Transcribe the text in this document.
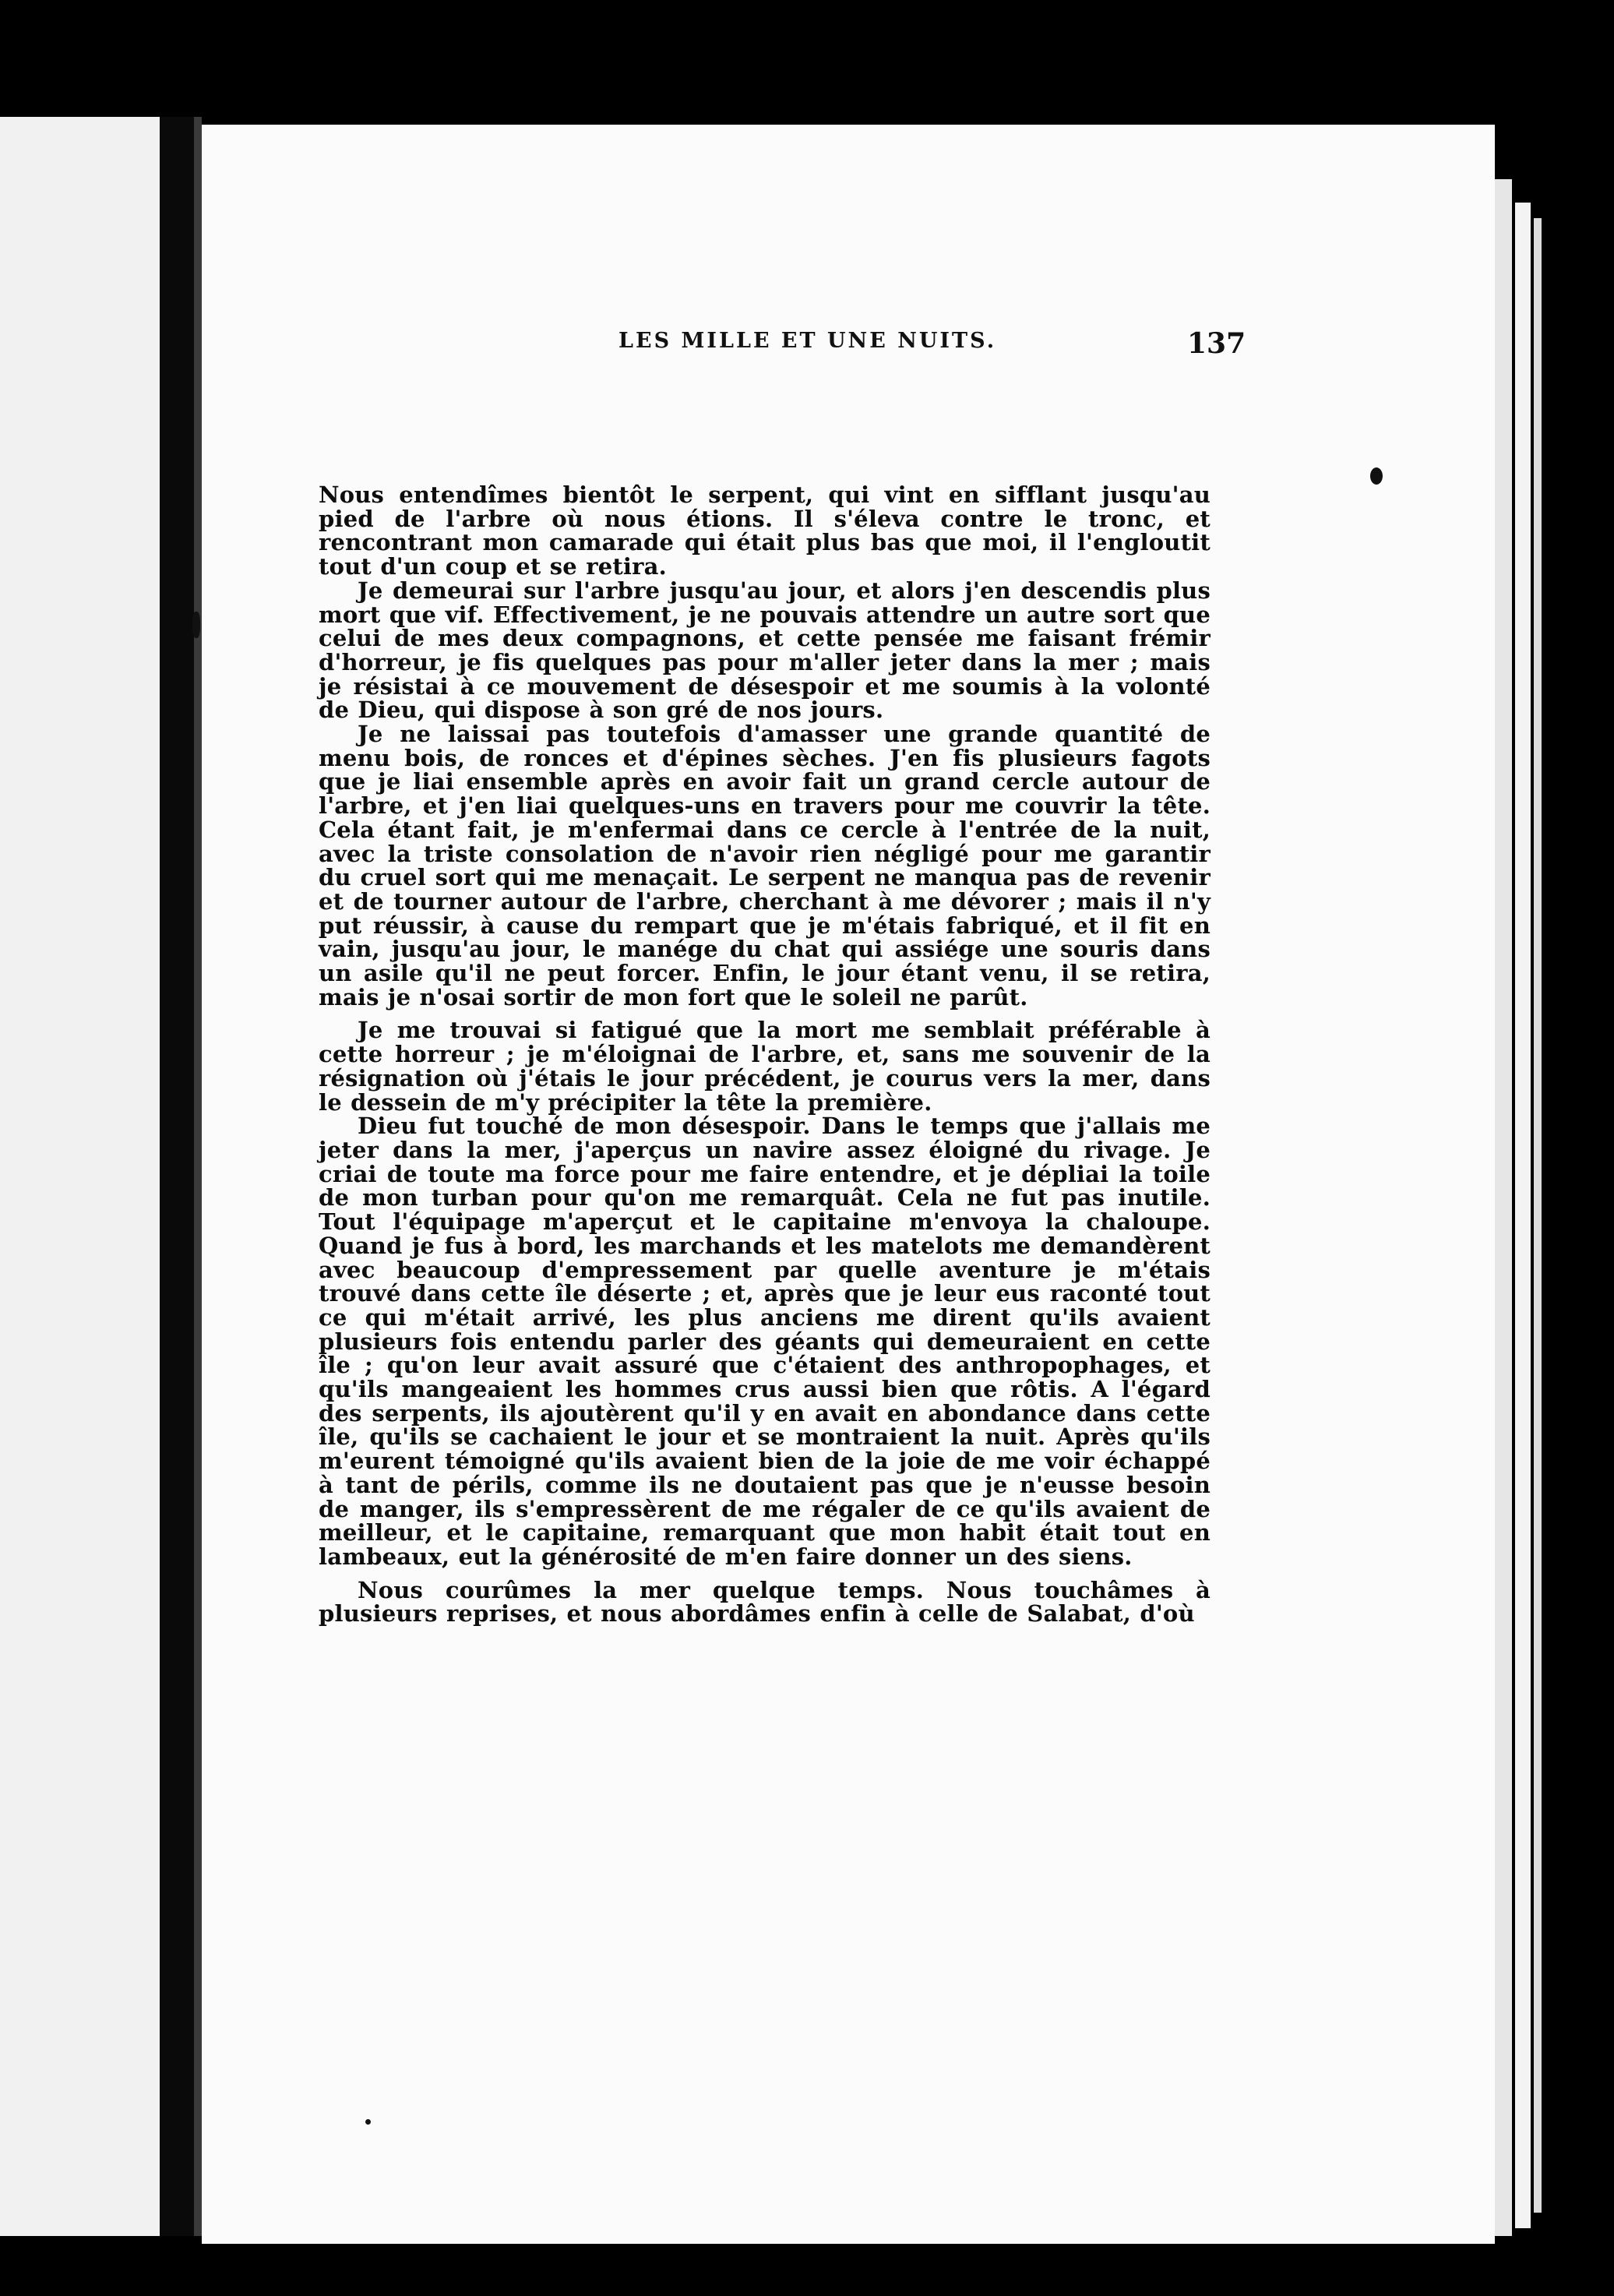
LES MILLE ET UNE NUITS.	137

Nous entendîmes bientôt le serpent, qui vint en sifflant jusqu'au pied de l'arbre où nous étions. Il s'éleva contre le tronc, et rencontrant mon camarade qui était plus bas que moi, il l'engloutit tout d'un coup et se retira.

Je demeurai sur l'arbre jusqu'au jour, et alors j'en descendis plus mort que vif. Effectivement, je ne pouvais attendre un autre sort que celui de mes deux compagnons, et cette pensée me faisant frémir d'horreur, je fis quelques pas pour m'aller jeter dans la mer ; mais je résistai à ce mouvement de désespoir et me soumis à la volonté de Dieu, qui dispose à son gré de nos jours.

Je ne laissai pas toutefois d'amasser une grande quantité de menu bois, de ronces et d'épines sèches. J'en fis plusieurs fagots que je liai ensemble après en avoir fait un grand cercle autour de l'arbre, et j'en liai quelques-uns en travers pour me couvrir la tête. Cela étant fait, je m'enfermai dans ce cercle à l'entrée de la nuit, avec la triste consolation de n'avoir rien négligé pour me garantir du cruel sort qui me menaçait. Le serpent ne manqua pas de revenir et de tourner autour de l'arbre, cherchant à me dévorer ; mais il n'y put réussir, à cause du rempart que je m'étais fabriqué, et il fit en vain, jusqu'au jour, le manége du chat qui assiége une souris dans un asile qu'il ne peut forcer. Enfin, le jour étant venu, il se retira, mais je n'osai sortir de mon fort que le soleil ne parût.

Je me trouvai si fatigué que la mort me semblait préférable à cette horreur ; je m'éloignai de l'arbre, et, sans me souvenir de la résignation où j'étais le jour précédent, je courus vers la mer, dans le dessein de m'y précipiter la tête la première.

Dieu fut touché de mon désespoir. Dans le temps que j'allais me jeter dans la mer, j'aperçus un navire assez éloigné du rivage. Je criai de toute ma force pour me faire entendre, et je dépliai la toile de mon turban pour qu'on me remarquât. Cela ne fut pas inutile. Tout l'équipage m'aperçut et le capitaine m'envoya la chaloupe. Quand je fus à bord, les marchands et les matelots me demandèrent avec beaucoup d'empressement par quelle aventure je m'étais trouvé dans cette île déserte ; et, après que je leur eus raconté tout ce qui m'était arrivé, les plus anciens me dirent qu'ils avaient plusieurs fois entendu parler des géants qui demeuraient en cette île ; qu'on leur avait assuré que c'étaient des anthropophages, et qu'ils mangeaient les hommes crus aussi bien que rôtis. A l'égard des serpents, ils ajoutèrent qu'il y en avait en abondance dans cette île, qu'ils se cachaient le jour et se montraient la nuit. Après qu'ils m'eurent témoigné qu'ils avaient bien de la joie de me voir échappé à tant de périls, comme ils ne doutaient pas que je n'eusse besoin de manger, ils s'empressèrent de me régaler de ce qu'ils avaient de meilleur, et le capitaine, remarquant que mon habit était tout en lambeaux, eut la générosité de m'en faire donner un des siens.

Nous courûmes la mer quelque temps. Nous touchâmes à plusieurs reprises, et nous abordâmes enfin à celle de Salabat, d'où
